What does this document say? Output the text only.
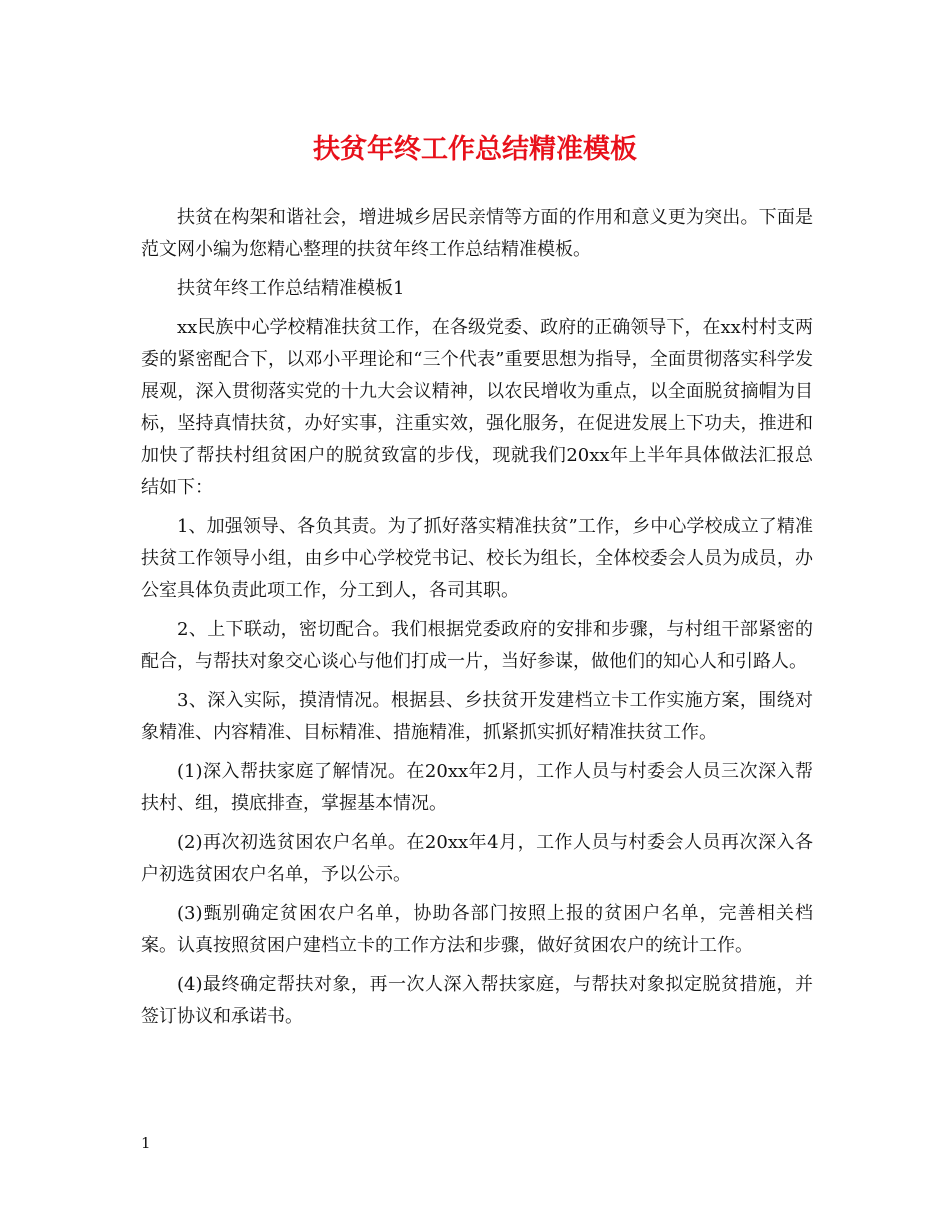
扶贫年终工作总结精准模板

扶贫在构架和谐社会，增进城乡居民亲情等方面的作用和意义更为突出。下面是范文网小编为您精心整理的扶贫年终工作总结精准模板。

扶贫年终工作总结精准模板1

xx民族中心学校精准扶贫工作，在各级党委、政府的正确领导下，在xx村村支两委的紧密配合下，以邓小平理论和“三个代表”重要思想为指导，全面贯彻落实科学发展观，深入贯彻落实党的十九大会议精神，以农民增收为重点，以全面脱贫摘帽为目标，坚持真情扶贫，办好实事，注重实效，强化服务，在促进发展上下功夫，推进和加快了帮扶村组贫困户的脱贫致富的步伐，现就我们20xx年上半年具体做法汇报总结如下：

1、加强领导、各负其责。为了抓好落实精准扶贫”工作，乡中心学校成立了精准扶贫工作领导小组，由乡中心学校党书记、校长为组长，全体校委会人员为成员，办公室具体负责此项工作，分工到人，各司其职。

2、上下联动，密切配合。我们根据党委政府的安排和步骤，与村组干部紧密的配合，与帮扶对象交心谈心与他们打成一片，当好参谋，做他们的知心人和引路人。

3、深入实际，摸清情况。根据县、乡扶贫开发建档立卡工作实施方案，围绕对象精准、内容精准、目标精准、措施精准，抓紧抓实抓好精准扶贫工作。

(1)深入帮扶家庭了解情况。在20xx年2月，工作人员与村委会人员三次深入帮扶村、组，摸底排查，掌握基本情况。

(2)再次初选贫困农户名单。在20xx年4月，工作人员与村委会人员再次深入各户初选贫困农户名单，予以公示。

(3)甄别确定贫困农户名单，协助各部门按照上报的贫困户名单，完善相关档案。认真按照贫困户建档立卡的工作方法和步骤，做好贫困农户的统计工作。

(4)最终确定帮扶对象，再一次人深入帮扶家庭，与帮扶对象拟定脱贫措施，并签订协议和承诺书。

1
